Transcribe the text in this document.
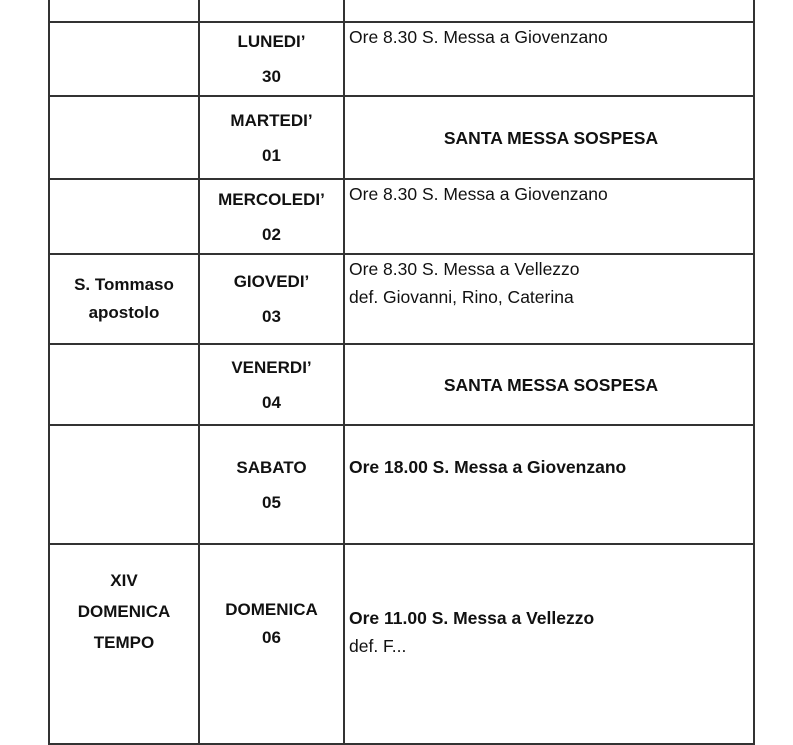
	LUNEDI’
30	Ore 8.30 S. Messa a Giovenzano

	MARTEDI’
01	SANTA MESSA SOSPESA

	MERCOLEDI’
02	Ore 8.30 S. Messa a Giovenzano

S. Tommaso
apostolo	GIOVEDI’
03	Ore 8.30 S. Messa a Vellezzo
def. Giovanni, Rino, Caterina

	VENERDI’
04	SANTA MESSA SOSPESA

	SABATO
05	Ore 18.00 S. Messa a Giovenzano

XIV
DOMENICA
TEMPO	DOMENICA
06	Ore 11.00 S. Messa a Vellezzo
def. F...
